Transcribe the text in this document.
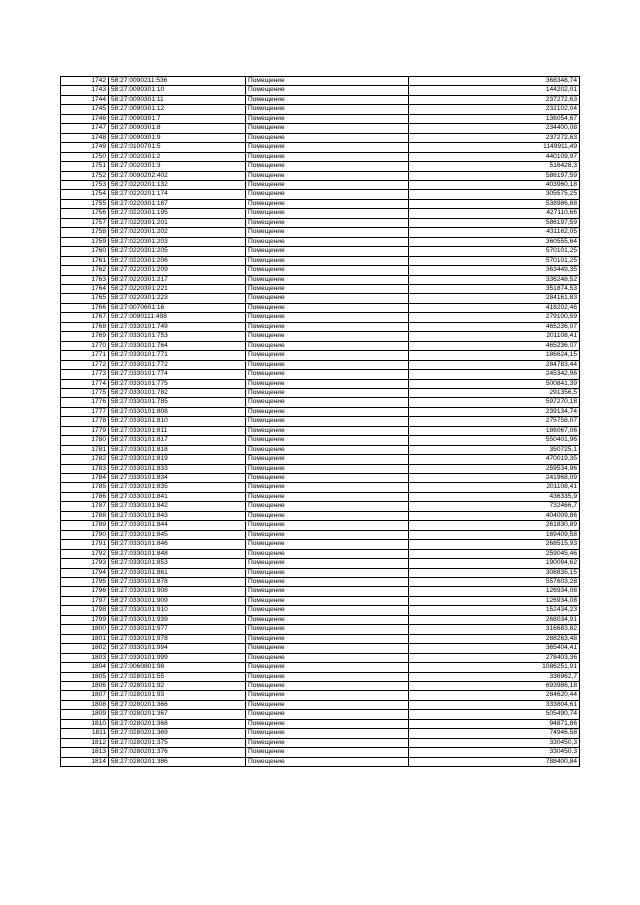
1742	58:27:0090211:536	Помещение	368348,74
1743	58:27:0090301:10	Помещение	144202,01
1744	58:27:0090301:11	Помещение	237272,63
1745	58:27:0090301:12	Помещение	232102,04
1746	58:27:0090301:7	Помещение	136054,67
1747	58:27:0090301:8	Помещение	234400,08
1748	58:27:0090301:9	Помещение	237272,63
1749	58:27:0100701:5	Помещение	1149911,49
1750	58:27:0020301:2	Помещение	440109,97
1751	58:27:0020301:3	Помещение	516428,3
1752	58:27:0090202:402	Помещение	586197,59
1753	58:27:0220201:132	Помещение	403960,18
1754	58:27:0220201:174	Помещение	305575,25
1755	58:27:0220301:187	Помещение	538986,88
1756	58:27:0220301:195	Помещение	427110,66
1757	58:27:0220301:201	Помещение	586197,59
1758	58:27:0220301:202	Помещение	431162,05
1759	58:27:0220301:203	Помещение	360555,64
1760	58:27:0220301:205	Помещение	570101,25
1761	58:27:0220301:206	Помещение	570101,25
1762	58:27:0220301:209	Помещение	363449,35
1763	58:27:0220301:217	Помещение	336248,52
1764	58:27:0220301:221	Помещение	351874,53
1765	58:27:0220301:223	Помещение	284161,83
1766	58:27:0070601:16	Помещение	418202,46
1767	58:27:0090111:498	Помещение	279100,59
1768	58:27:0330101:749	Помещение	465236,07
1769	58:27:0330101:753	Помещение	201108,41
1770	58:27:0330101:764	Помещение	465236,07
1771	58:27:0330101:771	Помещение	186624,15
1772	58:27:0330101:772	Помещение	284783,44
1773	58:27:0330101:774	Помещение	245342,96
1774	58:27:0330101:775	Помещение	500841,39
1775	58:27:0330101:782	Помещение	291356,5
1776	58:27:0330101:785	Помещение	597270,18
1777	58:27:0330101:808	Помещение	239134,74
1778	58:27:0330101:810	Помещение	275758,07
1779	58:27:0330101:811	Помещение	186067,06
1780	58:27:0330101:817	Помещение	550401,96
1781	58:27:0330101:818	Помещение	350725,1
1782	58:27:0330101:819	Помещение	470019,35
1783	58:27:0330101:833	Помещение	259534,96
1784	58:27:0330101:834	Помещение	241968,09
1785	58:27:0330101:835	Помещение	201108,41
1786	58:27:0330101:841	Помещение	436335,9
1787	58:27:0330101:842	Помещение	732466,7
1788	58:27:0330101:843	Помещение	404009,86
1789	58:27:0330101:844	Помещение	261830,89
1790	58:27:0330101:845	Помещение	169409,58
1791	58:27:0330101:846	Помещение	268515,93
1792	58:27:0330101:848	Помещение	259045,46
1793	58:27:0330101:853	Помещение	190094,62
1794	58:27:0330101:861	Помещение	308835,15
1795	58:27:0330101:878	Помещение	557603,28
1796	58:27:0330101:908	Помещение	126934,08
1797	58:27:0330101:909	Помещение	126934,08
1798	58:27:0330101:910	Помещение	152434,23
1799	58:27:0330101:939	Помещение	268034,91
1800	58:27:0330101:977	Помещение	316683,82
1801	58:27:0330101:978	Помещение	288263,48
1802	58:27:0330101:994	Помещение	365404,41
1803	58:27:0330101:999	Помещение	278403,36
1804	58:27:0060801:98	Помещение	1086251,91
1805	58:27:0280101:55	Помещение	336962,7
1806	58:27:0280101:92	Помещение	693986,18
1807	58:27:0280101:93	Помещение	284620,44
1808	58:27:0280201:366	Помещение	333804,61
1809	58:27:0280201:367	Помещение	505490,74
1810	58:27:0280201:368	Помещение	94871,86
1811	58:27:0280201:369	Помещение	74946,58
1812	58:27:0280201:375	Помещение	330450,3
1813	58:27:0280201:376	Помещение	330450,3
1814	58:27:0280201:386	Помещение	788400,84
